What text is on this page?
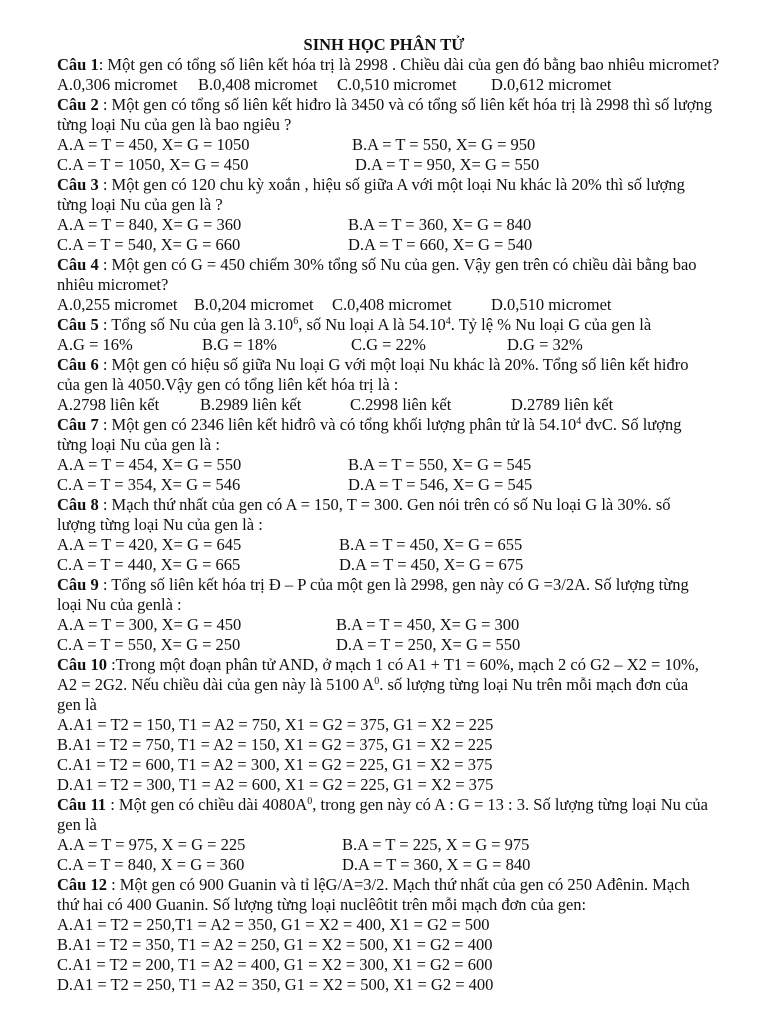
SINH HỌC PHÂN TỬ
Câu 1: Một gen có tổng số liên kết hóa trị là 2998 . Chiều dài của gen đó bằng bao nhiêu micromet?
A.0,306 micromet B.0,408 micromet C.0,510 micromet D.0,612 micromet
Câu 2 : Một gen có tổng số liên kết hiđro là 3450 và có tổng số liên kết hóa trị là 2998 thì số lượng
từng loại Nu của gen là bao ngiêu ?
A.A = T = 450, X= G = 1050	B.A = T = 550, X= G = 950
C.A = T = 1050, X= G = 450	D.A = T = 950, X= G = 550
Câu 3 : Một gen có 120 chu kỳ xoắn , hiệu số giữa A với một loại Nu khác là 20% thì số lượng
từng loại Nu của gen là ?
A.A = T = 840, X= G = 360	B.A = T = 360, X= G = 840
C.A = T = 540, X= G = 660	D.A = T = 660, X= G = 540
Câu 4 : Một gen có G = 450 chiếm 30% tổng số Nu của gen. Vậy gen trên có chiều dài bằng bao
nhiêu micromet?
A.0,255 micromet B.0,204 micromet C.0,408 micromet D.0,510 micromet
Câu 5 : Tổng số Nu của gen là 3.10$^6$, số Nu loại A là 54.10$^4$. Tỷ lệ % Nu loại G của gen là
A.G = 16%	B.G = 18%	C.G = 22%	D.G = 32%
Câu 6 : Một gen có hiệu số giữa Nu loại G với một loại Nu khác là 20%. Tổng số liên kết hiđro
của gen là 4050.Vậy gen có tổng liên kết hóa trị là :
A.2798 liên kết B.2989 liên kết	C.2998 liên kết	D.2789 liên kết
Câu 7 : Một gen có 2346 liên kết hiđrô và có tổng khối lượng phân tử là 54.10$^4$ đvC. Số lượng
từng loại Nu của gen là :
A.A = T = 454, X= G = 550	B.A = T = 550, X= G = 545
C.A = T = 354, X= G = 546	D.A = T = 546, X= G = 545
Câu 8 : Mạch thứ nhất của gen có A = 150, T = 300. Gen nói trên có số Nu loại G là 30%. số
lượng từng loại Nu của gen là :
A.A = T = 420, X= G = 645	B.A = T = 450, X= G = 655
C.A = T = 440, X= G = 665	D.A = T = 450, X= G = 675
Câu 9 : Tổng số liên kết hóa trị Đ – P của một gen là 2998, gen này có G =3/2A. Số lượng từng
loại Nu của genlà :
A.A = T = 300, X= G = 450	B.A = T = 450, X= G = 300
C.A = T = 550, X= G = 250	D.A = T = 250, X= G = 550
Câu 10 :Trong một đoạn phân tử AND, ở mạch 1 có A1 + T1 = 60%, mạch 2 có G2 – X2 = 10%,
A2 = 2G2. Nếu chiều dài của gen này là 5100 $A^0$. số lượng từng loại Nu trên mỗi mạch đơn của
gen là
A.A1 = T2 = 150, T1 = A2 = 750, X1 = G2 = 375, G1 = X2 = 225
B.A1 = T2 = 750, T1 = A2 = 150, X1 = G2 = 375, G1 = X2 = 225
C.A1 = T2 = 600, T1 = A2 = 300, X1 = G2 = 225, G1 = X2 = 375
D.A1 = T2 = 300, T1 = A2 = 600, X1 = G2 = 225, G1 = X2 = 375
Câu 11 : Một gen có chiều dài $4080A^0$, trong gen này có A : G = 13 : 3. Số lượng từng loại Nu của
gen là
A.A = T = 975, X = G = 225	B.A = T = 225, X = G = 975
C.A = T = 840, X = G = 360	D.A = T = 360, X = G = 840
Câu 12 : Một gen có 900 Guanin và tỉ lệG/A=3/2. Mạch thứ nhất của gen có 250 Ađênin. Mạch
thứ hai có 400 Guanin. Số lượng từng loại nuclêôtit trên mỗi mạch đơn của gen:
A.A1 = T2 = 250,T1 = A2 = 350, G1 = X2 = 400, X1 = G2 = 500
B.A1 = T2 = 350, T1 = A2 = 250, G1 = X2 = 500, X1 = G2 = 400
C.A1 = T2 = 200, T1 = A2 = 400, G1 = X2 = 300, X1 = G2 = 600
D.A1 = T2 = 250, T1 = A2 = 350, G1 = X2 = 500, X1 = G2 = 400
